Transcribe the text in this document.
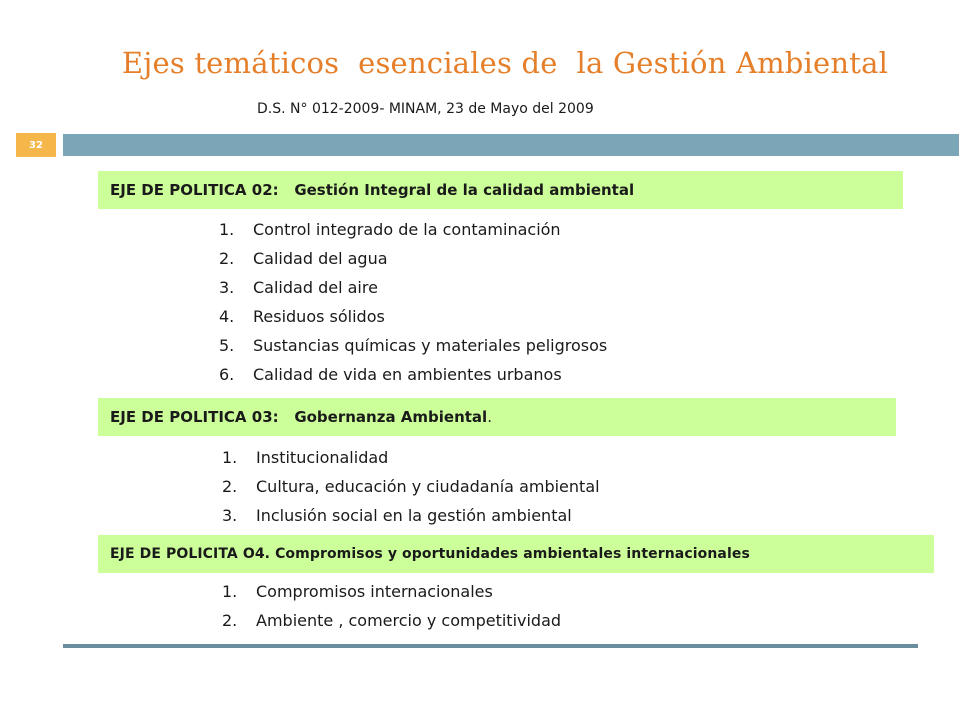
Ejes temáticos  esenciales de  la Gestión Ambiental
D.S. N° 012-2009- MINAM, 23 de Mayo del 2009
32
EJE DE POLITICA 02:
Gestión Integral de la calidad ambiental
1. Control integrado de la contaminación
2. Calidad del agua
3. Calidad del aire
4. Residuos sólidos
5. Sustancias químicas y materiales peligrosos
6. Calidad de vida en ambientes urbanos
EJE DE POLITICA 03:
Gobernanza Ambiental .
1. Institucionalidad
2. Cultura, educación y ciudadanía ambiental
3. Inclusión social en la gestión ambiental
EJE DE POLICITA O4.
Compromisos y oportunidades ambientales internacionales
1. Compromisos internacionales
2. Ambiente , comercio y competitividad
